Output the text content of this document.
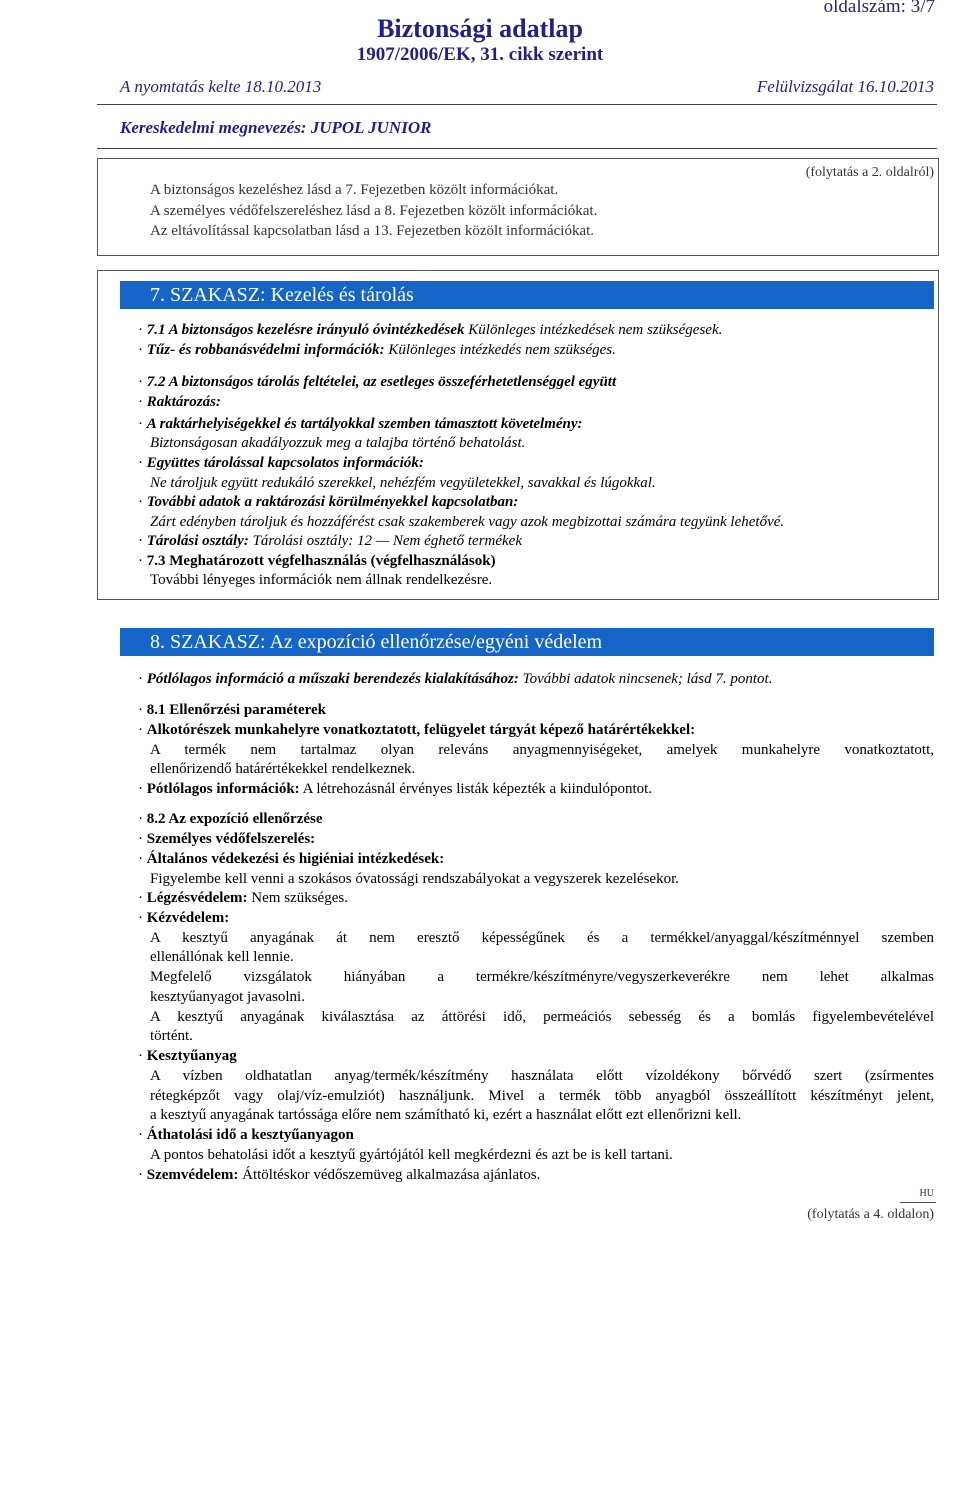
oldalszám: 3/7
Biztonsági adatlap
1907/2006/EK, 31. cikk szerint
A nyomtatás kelte 18.10.2013	Felülvizsgálat 16.10.2013
Kereskedelmi megnevezés: JUPOL JUNIOR
(folytatás a 2. oldalról)
A biztonságos kezeléshez lásd a 7. Fejezetben közölt információkat.
A személyes védőfelszereléshez lásd a 8. Fejezetben közölt információkat.
Az eltávolítással kapcsolatban lásd a 13. Fejezetben közölt információkat.
7. SZAKASZ: Kezelés és tárolás
· 7.1 A biztonságos kezelésre irányuló óvintézkedések Különleges intézkedések nem szükségesek.
· Tűz- és robbanásvédelmi információk: Különleges intézkedés nem szükséges.
· 7.2 A biztonságos tárolás feltételei, az esetleges összeférhetetlenséggel együtt
· Raktározás:
· A raktárhelyiségekkel és tartályokkal szemben támasztott követelmény:
Biztonságosan akadályozzuk meg a talajba történő behatolást.
· Együttes tárolással kapcsolatos információk:
Ne tároljuk együtt redukáló szerekkel, nehézfém vegyületekkel, savakkal és lúgokkal.
· További adatok a raktározási körülményekkel kapcsolatban:
Zárt edényben tároljuk és hozzáférést csak szakemberek vagy azok megbizottai számára tegyünk lehetővé.
· Tárolási osztály: Tárolási osztály: 12 — Nem éghető termékek
· 7.3 Meghatározott végfelhasználás (végfelhasználások)
További lényeges információk nem állnak rendelkezésre.
8. SZAKASZ: Az expozíció ellenőrzése/egyéni védelem
· Pótlólagos információ a műszaki berendezés kialakításához: További adatok nincsenek; lásd 7. pontot.
· 8.1 Ellenőrzési paraméterek
· Alkotórészek munkahelyre vonatkoztatott, felügyelet tárgyát képező határértékekkel:
A termék nem tartalmaz olyan releváns anyagmennyiségeket, amelyek munkahelyre vonatkoztatott,
ellenőrizendő határértékekkel rendelkeznek.
· Pótlólagos információk: A létrehozásnál érvényes listák képezték a kiindulópontot.
· 8.2 Az expozíció ellenőrzése
· Személyes védőfelszerelés:
· Általános védekezési és higiéniai intézkedések:
Figyelembe kell venni a szokásos óvatossági rendszabályokat a vegyszerek kezelésekor.
· Légzésvédelem: Nem szükséges.
· Kézvédelem:
A kesztyű anyagának át nem eresztő képességűnek és a termékkel/anyaggal/készítménnyel szemben
ellenállónak kell lennie.
Megfelelő vizsgálatok hiányában a termékre/készítményre/vegyszerkeverékre nem lehet alkalmas
kesztyűanyagot javasolni.
A kesztyű anyagának kiválasztása az áttörési idő, permeációs sebesség és a bomlás figyelembevételével
történt.
· Kesztyűanyag
A vízben oldhatatlan anyag/termék/készítmény használata előtt vízoldékony bőrvédő szert (zsírmentes
rétegképzőt vagy olaj/víz-emulziót) használjunk. Mivel a termék több anyagból összeállított készítményt jelent,
a kesztyű anyagának tartóssága előre nem számítható ki, ezért a használat előtt ezt ellenőrizni kell.
· Áthatolási idő a kesztyűanyagon
A pontos behatolási időt a kesztyű gyártójától kell megkérdezni és azt be is kell tartani.
· Szemvédelem: Áttöltéskor védőszemüveg alkalmazása ajánlatos.
HU
(folytatás a 4. oldalon)
